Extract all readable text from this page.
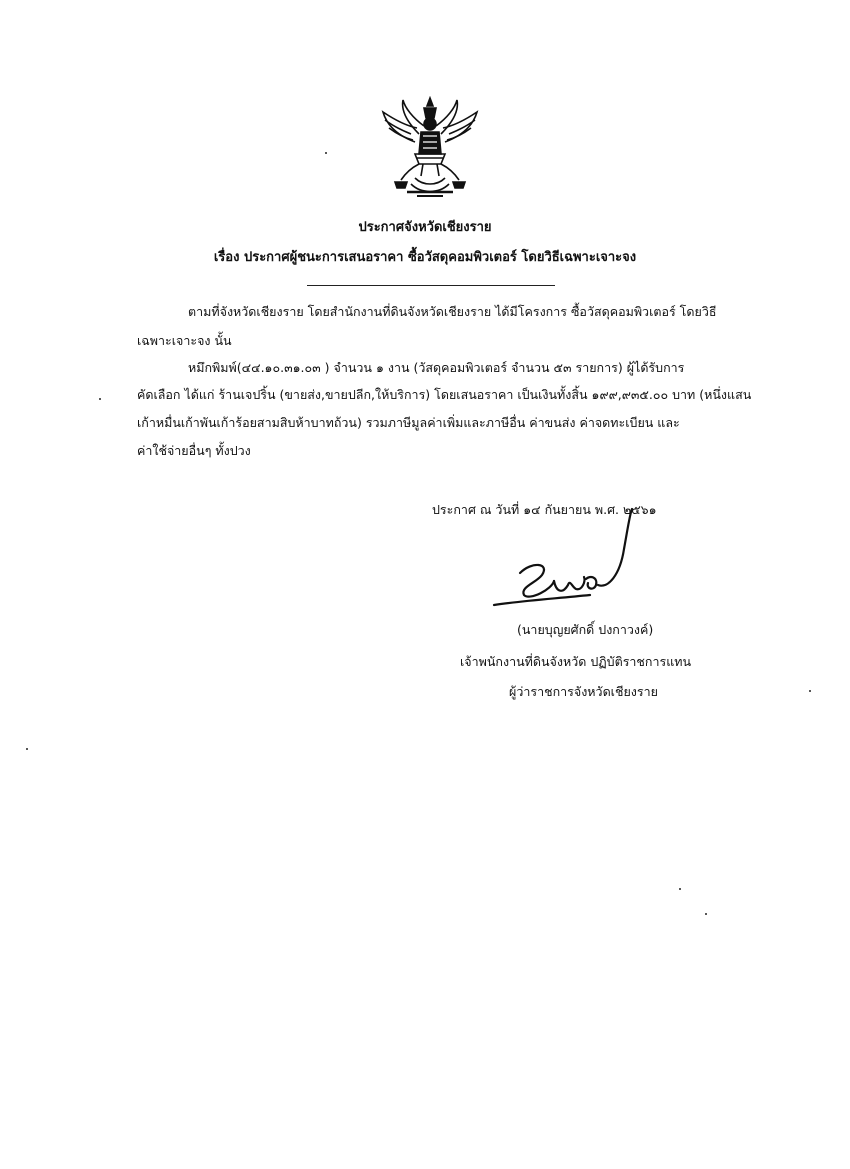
ประกาศจังหวัดเชียงราย
เรื่อง ประกาศผู้ชนะการเสนอราคา ซื้อวัสดุคอมพิวเตอร์ โดยวิธีเฉพาะเจาะจง
ตามที่จังหวัดเชียงราย โดยสำนักงานที่ดินจังหวัดเชียงราย ได้มีโครงการ ซื้อวัสดุคอมพิวเตอร์ โดยวิธี
เฉพาะเจาะจง นั้น
หมึกพิมพ์(๔๔.๑๐.๓๑.๐๓ ) จำนวน ๑ งาน (วัสดุคอมพิวเตอร์ จำนวน ๕๓ รายการ) ผู้ได้รับการ
คัดเลือก ได้แก่ ร้านเจปริ้น (ขายส่ง,ขายปลีก,ให้บริการ) โดยเสนอราคา เป็นเงินทั้งสิ้น ๑๙๙,๙๓๕.๐๐ บาท (หนึ่งแสน
เก้าหมื่นเก้าพันเก้าร้อยสามสิบห้าบาทถ้วน) รวมภาษีมูลค่าเพิ่มและภาษีอื่น ค่าขนส่ง ค่าจดทะเบียน และ
ค่าใช้จ่ายอื่นๆ ทั้งปวง
ประกาศ ณ วันที่ ๑๔ กันยายน พ.ศ. ๒๕๖๑
(นายบุญยศักดิ์ ปงกาวงค์)
เจ้าพนักงานที่ดินจังหวัด ปฏิบัติราชการแทน
ผู้ว่าราชการจังหวัดเชียงราย
